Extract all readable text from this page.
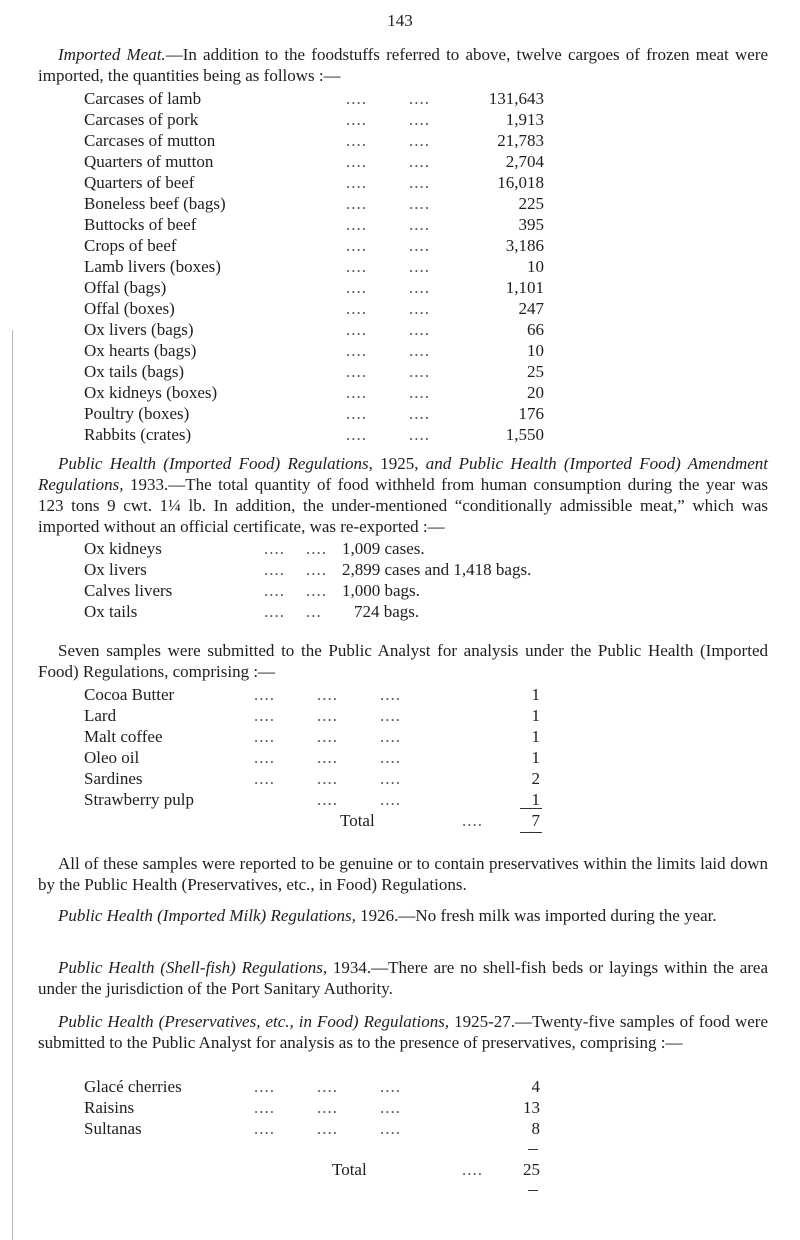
143
Imported Meat.—In addition to the foodstuffs referred to above, twelve cargoes of frozen meat were imported, the quantities being as follows :—
Carcases of lamb	131,643
Carcases of pork	1,913
Carcases of mutton	21,783
Quarters of mutton	2,704
Quarters of beef	16,018
Boneless beef (bags)	225
Buttocks of beef	395
Crops of beef	3,186
Lamb livers (boxes)	10
Offal (bags)	1,101
Offal (boxes)	247
Ox livers (bags)	66
Ox hearts (bags)	10
Ox tails (bags)	25
Ox kidneys (boxes)	20
Poultry (boxes)	176
Rabbits (crates)	1,550
....        ....
....        ....
....        ....
....        ....
....        ....
....        ....
....        ....
....        ....
....        ....
....        ....
....        ....
....        ....
....        ....
....        ....
....        ....
....        ....
....        ....
Public Health (Imported Food) Regulations, 1925, and Public Health (Imported Food) Amendment Regulations, 1933.—The total quantity of food withheld from human consumption during the year was 123 tons 9 cwt. 1¼ lb. In addition, the under-mentioned “conditionally admissible meat,” which was imported without an official certificate, was re-exported :—
Ox kidneys	....    .... 1,009 cases.
Ox livers	....    .... 2,899 cases and 1,418 bags.
Calves livers	....    .... 1,000 bags.
Ox tails	....    ... 724 bags.
Seven samples were submitted to the Public Analyst for analysis under the Public Health (Imported Food) Regulations, comprising :—
Cocoa Butter	1
Lard	1
Malt coffee	1
Oleo oil	1
Sardines	2
Strawberry pulp	1
....        ....        ....
....        ....        ....
....        ....        ....
....        ....        ....
....        ....        ....
....        ....
Total	....	7
All of these samples were reported to be genuine or to contain preservatives within the limits laid down by the Public Health (Preservatives, etc., in Food) Regulations.
Public Health (Imported Milk) Regulations, 1926.—No fresh milk was imported during the year.
Public Health (Shell-fish) Regulations, 1934.—There are no shell-fish beds or layings within the area under the jurisdiction of the Port Sanitary Authority.
Public Health (Preservatives, etc., in Food) Regulations, 1925-27.—Twenty-five samples of food were submitted to the Public Analyst for analysis as to the presence of preservatives, comprising :—
Glacé cherries	4
Raisins	13
Sultanas	8
....        ....        ....
....        ....        ....
....        ....        ....
Total	.... 25
